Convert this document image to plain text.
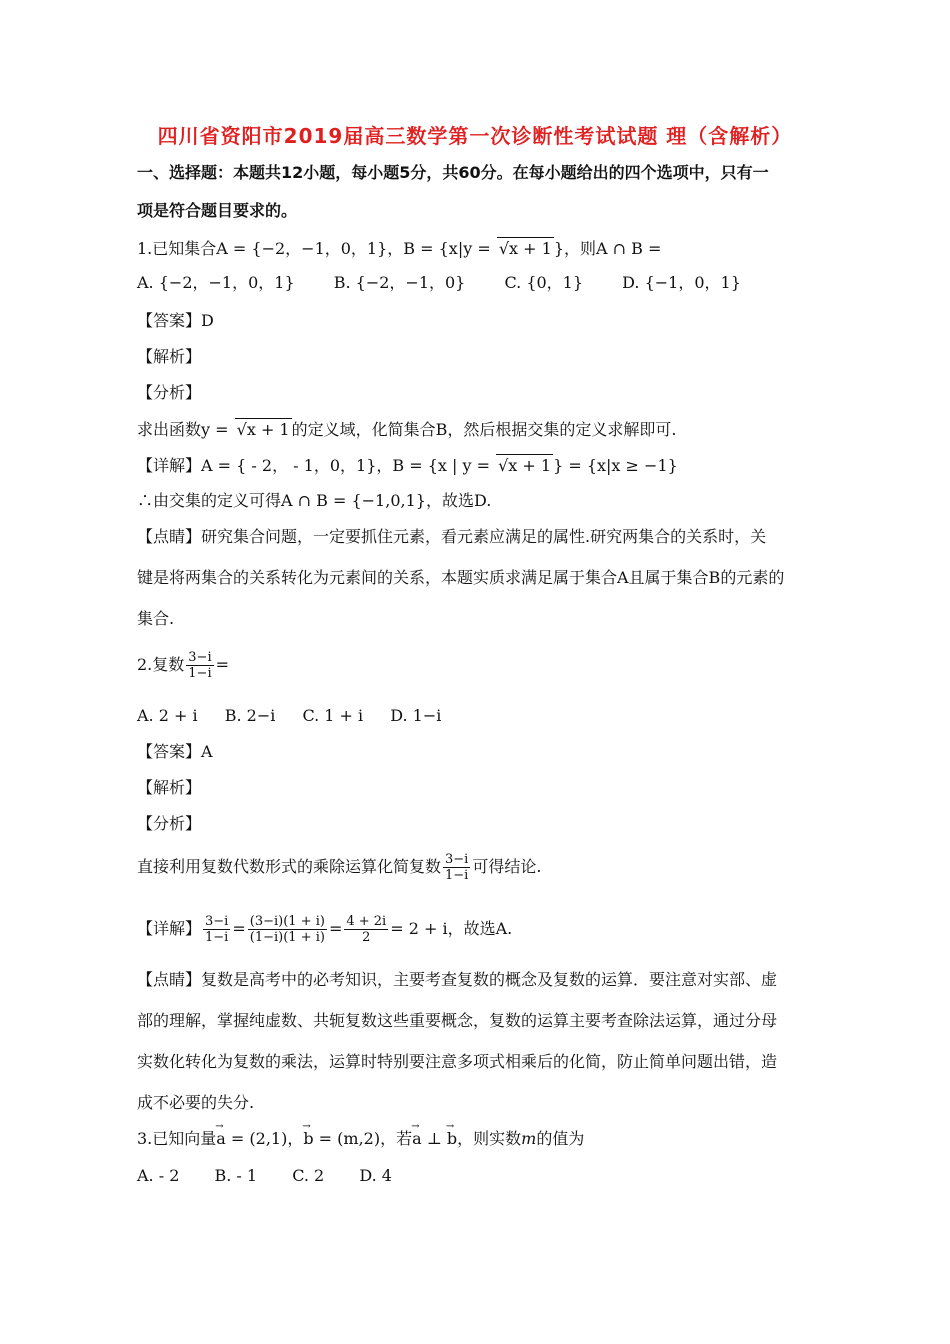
四川省资阳市2019届高三数学第一次诊断性考试试题 理（含解析）
一、选择题：本题共12小题，每小题5分，共60分。在每小题给出的四个选项中，只有一
项是符合题目要求的。
1.已知集合A = {−2，−1，0，1}，B = {x|y = √x + 1 }，则A ∩ B =
A. {−2，−1，0，1} B. {−2，−1，0} C. {0，1} D. {−1，0，1}
【答案】D
【解析】
【分析】
求出函数y = √x + 1 的定义域，化简集合B，然后根据交集的定义求解即可.
【详解】A = { - 2， - 1，0，1}，B = {x | y = √x + 1 } = {x|x ≥ −1}
∴由交集的定义可得A ∩ B = {−1,0,1}，故选D.
【点睛】研究集合问题，一定要抓住元素，看元素应满足的属性.研究两集合的关系时，关
键是将两集合的关系转化为元素间的关系，本题实质求满足属于集合A且属于集合B的元素的
集合.
2.复数 $\frac{3-i}{1-i}$ =
A. 2 + i B. 2−i C. 1 + i D. 1−i
【答案】A
【解析】
【分析】
直接利用复数代数形式的乘除运算化简复数 $\frac{3-i}{1-i}$ 可得结论.
【详解】 $\frac{3-i}{1-i} = \frac{(3-i)(1 + i)}{(1-i)(1 + i)} = \frac{4 + 2i}{2} = 2 + i$，故选A.
【点睛】复数是高考中的必考知识，主要考查复数的概念及复数的运算．要注意对实部、虚
部的理解，掌握纯虚数、共轭复数这些重要概念，复数的运算主要考查除法运算，通过分母
实数化转化为复数的乘法，运算时特别要注意多项式相乘后的化简，防止简单问题出错，造
成不必要的失分.
3.已知向量→ a = (2,1)，→ b = (m,2)，若→ a ⊥ → b，则实数m的值为
A. - 2 B. - 1 C. 2 D. 4
